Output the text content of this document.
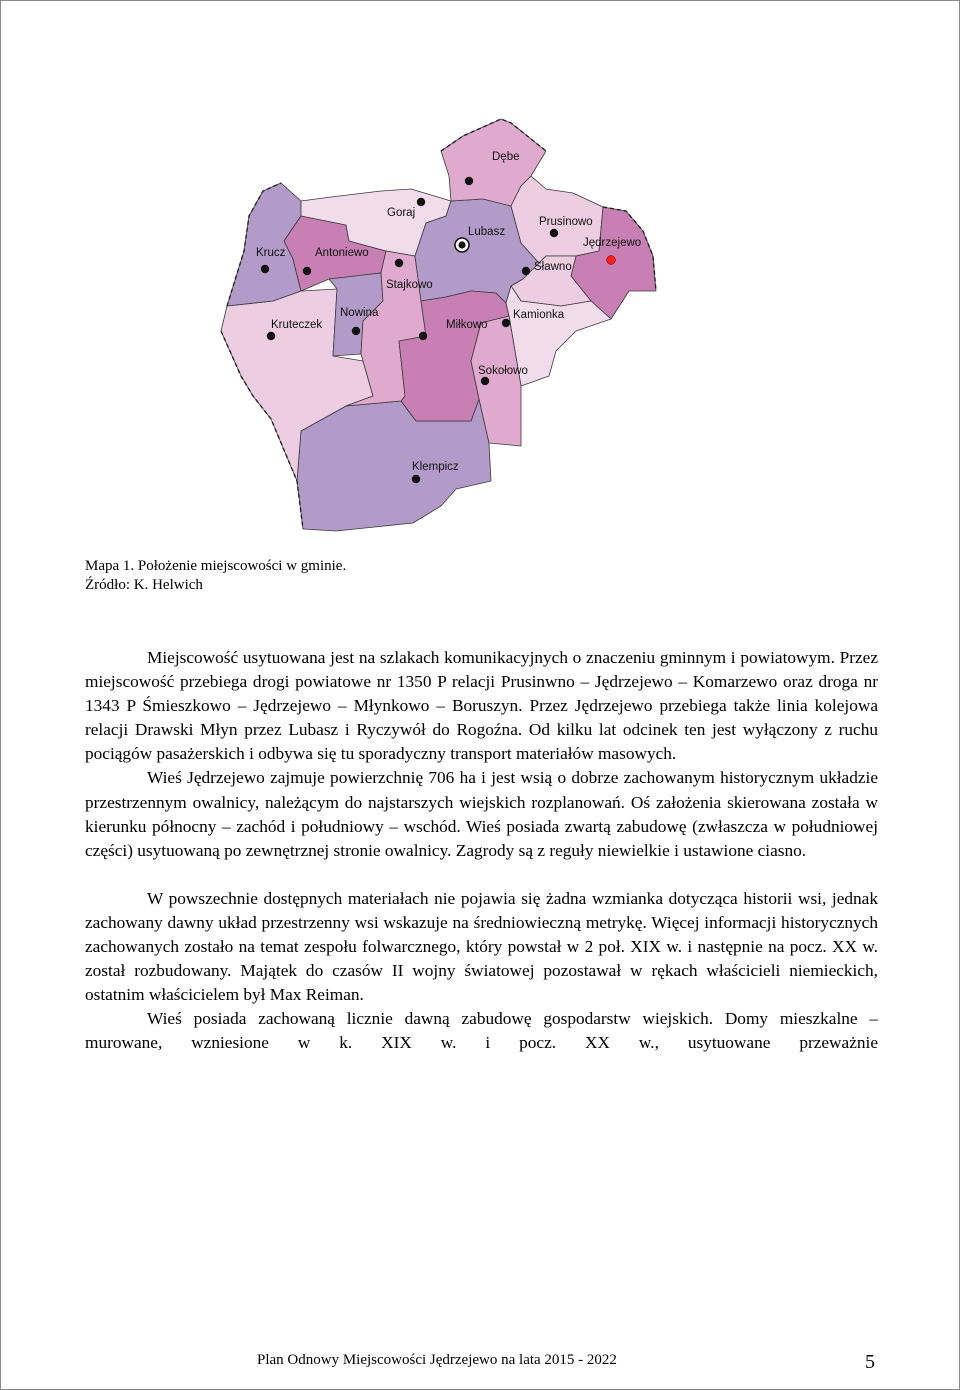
Dębe
Goraj
Lubasz
Prusinowo
Jędrzejewo
Krucz	Antoniewo
Sławno
Stajkowo
Kruteczek
Nowina
Miłkowo
Kamionka
Sokołowo
Klempicz
Mapa 1. Położenie miejscowości w gminie.
Źródło: K. Helwich

Miejscowość usytuowana jest na szlakach komunikacyjnych o znaczeniu gminnym i powiatowym. Przez miejscowość przebiega drogi powiatowe nr 1350 P relacji Prusinwno – Jędrzejewo – Komarzewo oraz droga nr 1343 P Śmieszkowo – Jędrzejewo – Młynkowo – Boruszyn. Przez Jędrzejewo przebiega także linia kolejowa relacji Drawski Młyn przez Lubasz i Ryczywół do Rogoźna. Od kilku lat odcinek ten jest wyłączony z ruchu pociągów pasażerskich i odbywa się tu sporadyczny transport materiałów masowych.

Wieś Jędrzejewo zajmuje powierzchnię 706 ha i jest wsią o dobrze zachowanym historycznym układzie przestrzennym owalnicy, należącym do najstarszych wiejskich rozplanowań. Oś założenia skierowana została w kierunku północny – zachód i południowy – wschód. Wieś posiada zwartą zabudowę (zwłaszcza w południowej części) usytuowaną po zewnętrznej stronie owalnicy. Zagrody są z reguły niewielkie i ustawione ciasno.

W powszechnie dostępnych materiałach nie pojawia się żadna wzmianka dotycząca historii wsi, jednak zachowany dawny układ przestrzenny wsi wskazuje na średniowieczną metrykę. Więcej informacji historycznych zachowanych zostało na temat zespołu folwarcznego, który powstał w 2 poł. XIX w. i następnie na pocz. XX w. został rozbudowany. Majątek do czasów II wojny światowej pozostawał w rękach właścicieli niemieckich, ostatnim właścicielem był Max Reiman.

Wieś posiada zachowaną licznie dawną zabudowę gospodarstw wiejskich. Domy mieszkalne – murowane, wzniesione w k. XIX w. i pocz. XX w., usytuowane przeważnie

Plan Odnowy Miejscowości Jędrzejewo na lata 2015 - 2022	5
